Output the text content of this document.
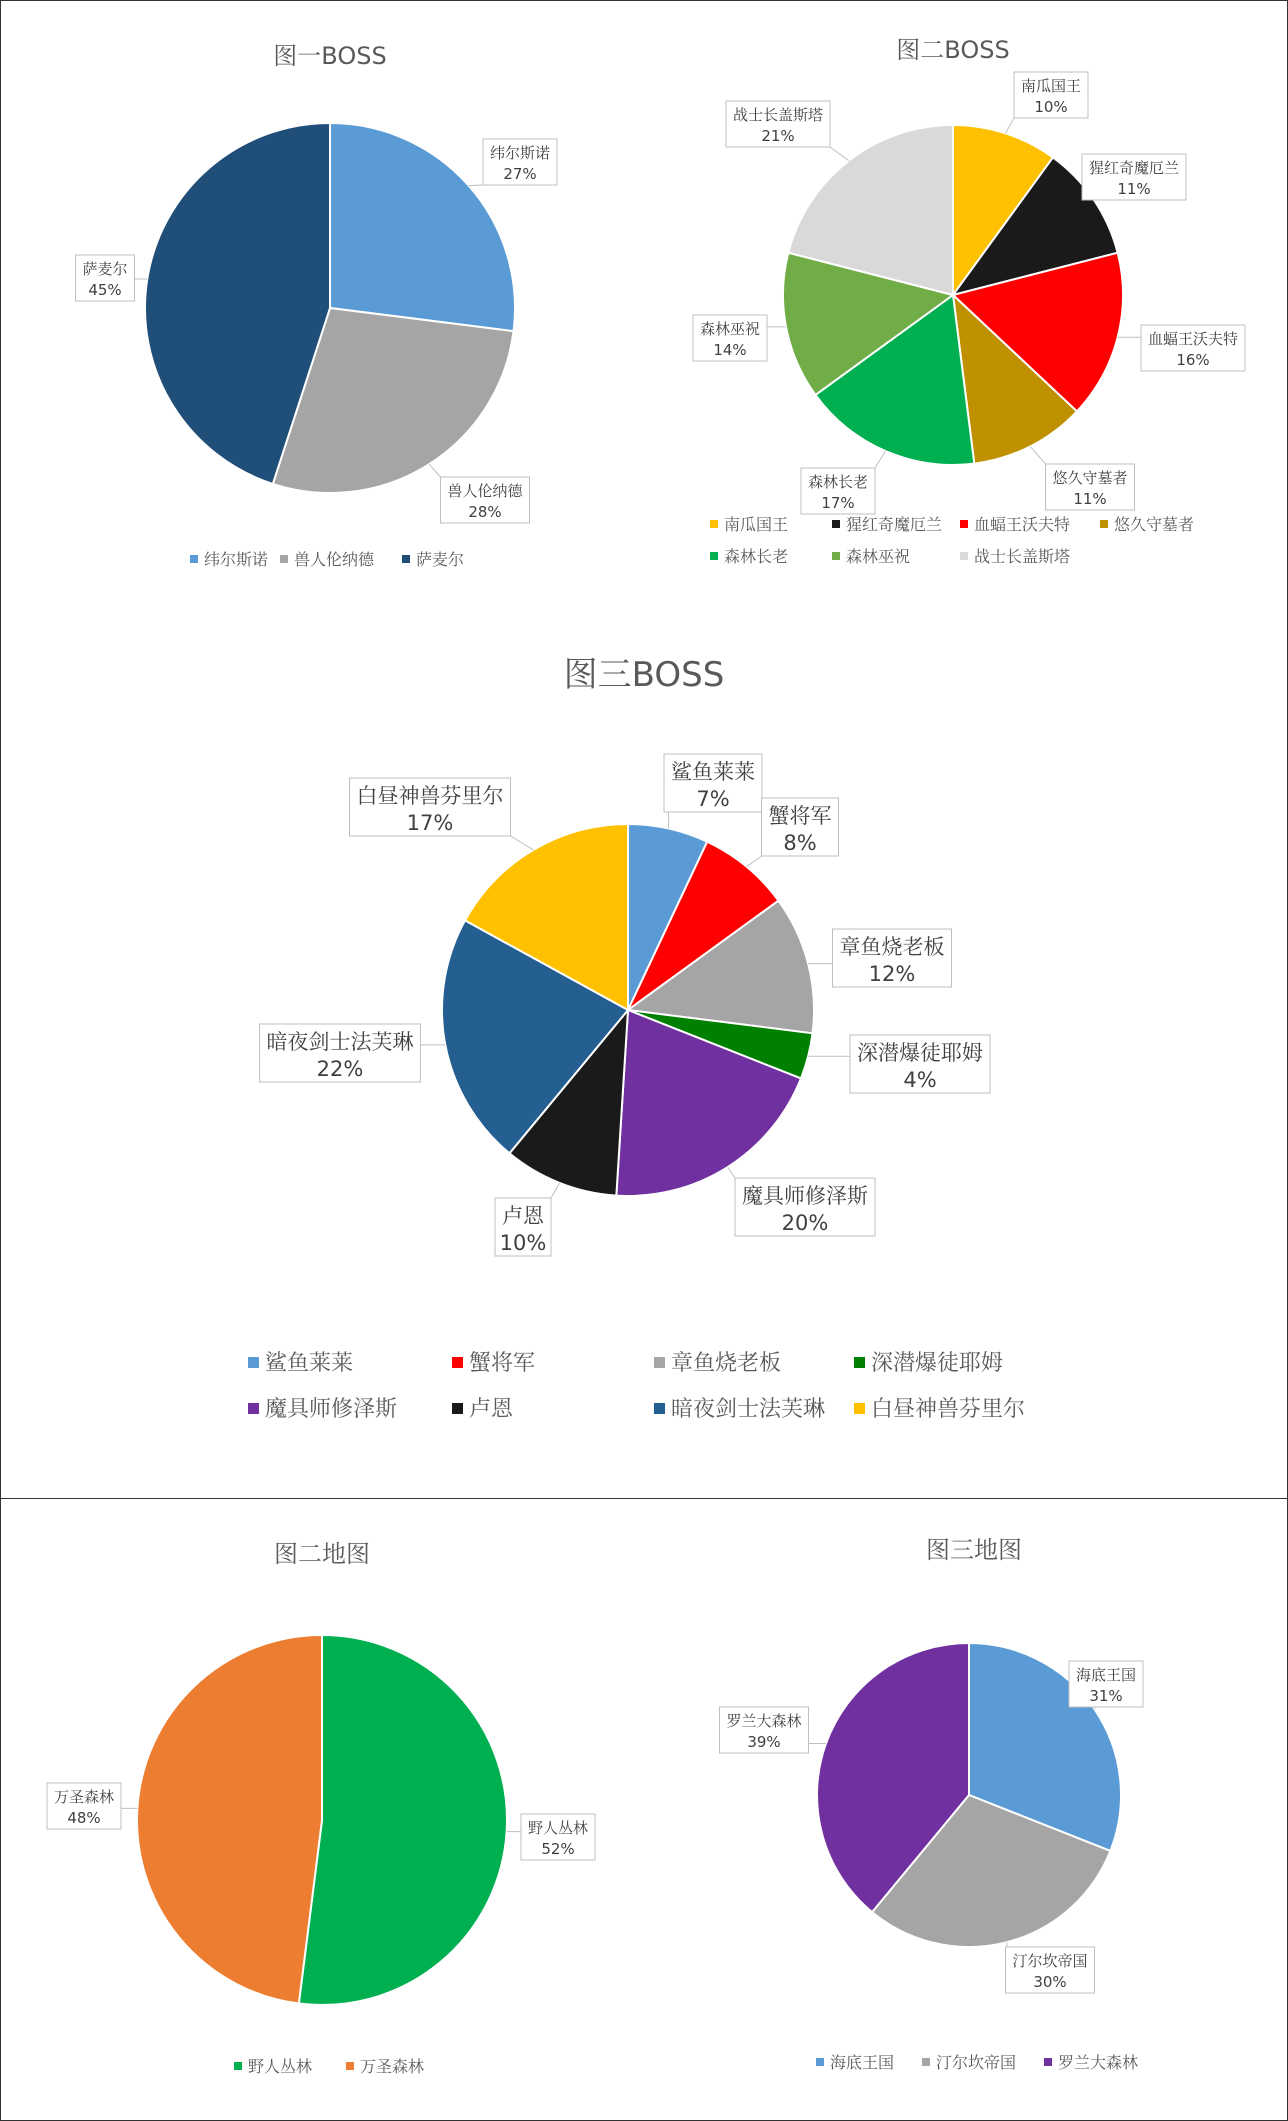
图一BOSS
纬尔斯诺
27%
兽人伦纳德
28%
萨麦尔
45%
纬尔斯诺 兽人伦纳德	萨麦尔
图二BOSS
南瓜国王
10%
猩红奇魔厄兰
11%
血蝠王沃夫特
16%
悠久守墓者
11%
森林长老
17%
森林巫祝
14%
战士长盖斯塔
21%
南瓜国王	猩红奇魔厄兰 血蝠王沃夫特	悠久守墓者
森林长老	森林巫祝	战士长盖斯塔
图三BOSS
鲨鱼莱莱
7%
蟹将军
8%
章鱼烧老板
12%
深潜爆徒耶姆
4%
魔具师修泽斯
20%
卢恩
10%
暗夜剑士法芙琳
22%
白昼神兽芬里尔
17%
鲨鱼莱莱	蟹将军	章鱼烧老板	深潜爆徒耶姆
魔具师修泽斯	卢恩	暗夜剑士法芙琳 白昼神兽芬里尔
图二地图
野人丛林
52%
万圣森林
48%
野人丛林	万圣森林
图三地图
海底王国
31%
汀尔坎帝国
30%
罗兰大森林
39%
海底王国	汀尔坎帝国	罗兰大森林
